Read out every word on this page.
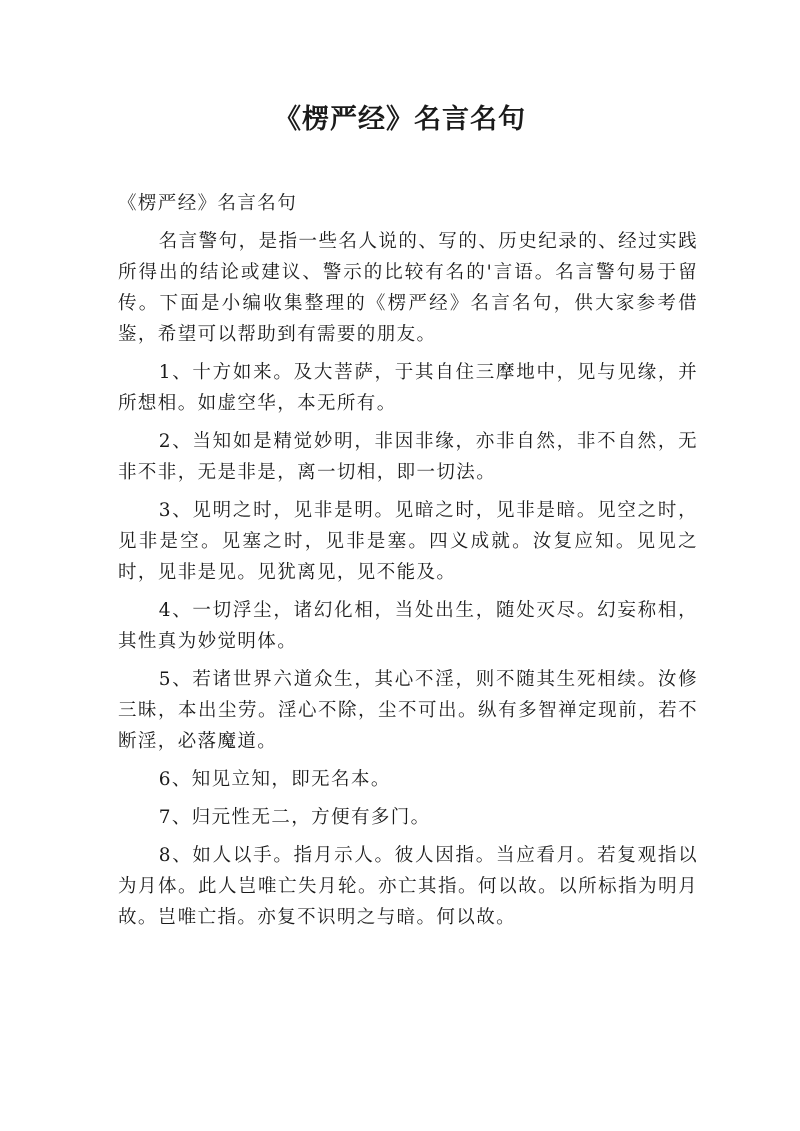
《楞严经》名言名句

《楞严经》名言名句

名言警句，是指一些名人说的、写的、历史纪录的、经过实践所得出的结论或建议、警示的比较有名的'言语。名言警句易于留传。下面是小编收集整理的《楞严经》名言名句，供大家参考借鉴，希望可以帮助到有需要的朋友。

1、十方如来。及大菩萨，于其自住三摩地中，见与见缘，并所想相。如虚空华，本无所有。

2、当知如是精觉妙明，非因非缘，亦非自然，非不自然，无非不非，无是非是，离一切相，即一切法。

3、见明之时，见非是明。见暗之时，见非是暗。见空之时，见非是空。见塞之时，见非是塞。四义成就。汝复应知。见见之时，见非是见。见犹离见，见不能及。

4、一切浮尘，诸幻化相，当处出生，随处灭尽。幻妄称相，其性真为妙觉明体。

5、若诸世界六道众生，其心不淫，则不随其生死相续。汝修三昧，本出尘劳。淫心不除，尘不可出。纵有多智禅定现前，若不断淫，必落魔道。

6、知见立知，即无名本。

7、归元性无二，方便有多门。

8、如人以手。指月示人。彼人因指。当应看月。若复观指以为月体。此人岂唯亡失月轮。亦亡其指。何以故。以所标指为明月故。岂唯亡指。亦复不识明之与暗。何以故。
